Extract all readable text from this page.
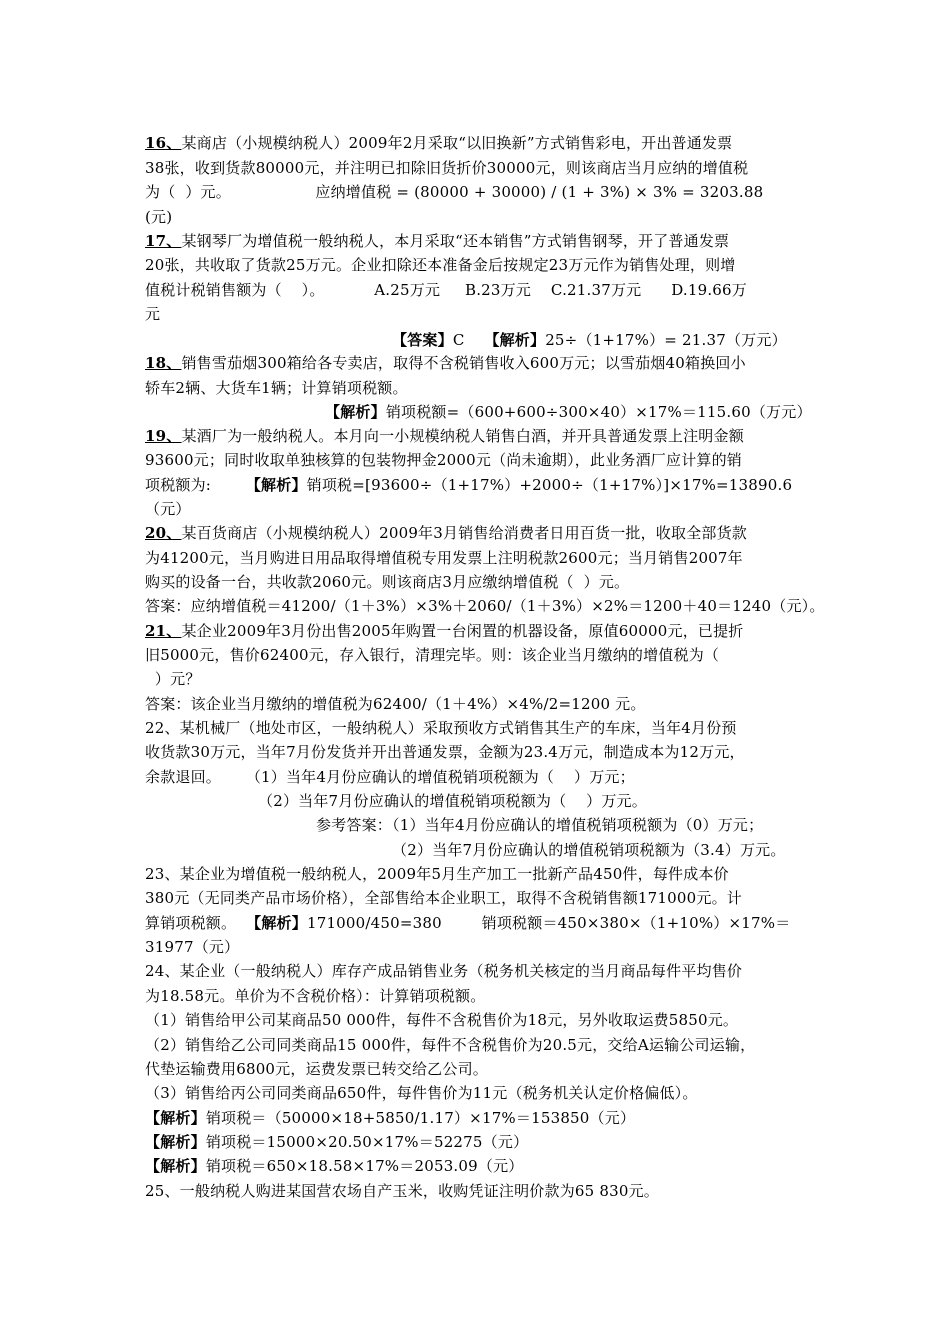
16、某商店（小规模纳税人）2009年2月采取“以旧换新”方式销售彩电，开出普通发票
38张，收到货款80000元，并注明已扣除旧货折价30000元，则该商店当月应纳的增值税
为（  ）元。                 应纳增值税 = (80000 + 30000) / (1 + 3%) × 3% = 3203.88
(元)
17、某钢琴厂为增值税一般纳税人，本月采取“还本销售”方式销售钢琴，开了普通发票
20张，共收取了货款25万元。企业扣除还本准备金后按规定23万元作为销售处理，则增
值税计税销售额为（    ）。          A.25万元     B.23万元    C.21.37万元      D.19.66万
元
【答案】C    【解析】25÷（1+17%）= 21.37（万元）
18、销售雪茄烟300箱给各专卖店，取得不含税销售收入600万元；以雪茄烟40箱换回小
轿车2辆、大货车1辆；计算销项税额。
【解析】销项税额=（600+600÷300×40）×17%＝115.60（万元）
19、某酒厂为一般纳税人。本月向一小规模纳税人销售白酒，并开具普通发票上注明金额
93600元；同时收取单独核算的包装物押金2000元（尚未逾期），此业务酒厂应计算的销
项税额为:       【解析】销项税=[93600÷（1+17%）+2000÷（1+17%）]×17%=13890.6
（元）
20、某百货商店（小规模纳税人）2009年3月销售给消费者日用百货一批，收取全部货款
为41200元，当月购进日用品取得增值税专用发票上注明税款2600元；当月销售2007年
购买的设备一台，共收款2060元。则该商店3月应缴纳增值税（  ）元。
答案：应纳增值税＝41200/（1＋3%）×3%＋2060/（1＋3%）×2%＝1200＋40＝1240（元）。
21、某企业2009年3月份出售2005年购置一台闲置的机器设备，原值60000元，已提折
旧5000元，售价62400元，存入银行，清理完毕。则：该企业当月缴纳的增值税为（
）元？
答案：该企业当月缴纳的增值税为62400/（1＋4%）×4%/2=1200 元。
22、某机械厂（地处市区，一般纳税人）采取预收方式销售其生产的车床，当年4月份预
收货款30万元，当年7月份发货并开出普通发票，金额为23.4万元，制造成本为12万元，
余款退回。     （1）当年4月份应确认的增值税销项税额为（    ）万元；
（2）当年7月份应确认的增值税销项税额为（    ）万元。
参考答案：（1）当年4月份应确认的增值税销项税额为（0）万元；
（2）当年7月份应确认的增值税销项税额为（3.4）万元。
23、某企业为增值税一般纳税人，2009年5月生产加工一批新产品450件，每件成本价
380元（无同类产品市场价格），全部售给本企业职工，取得不含税销售额171000元。计
算销项税额。  【解析】171000/450=380        销项税额＝450×380×（1+10%）×17%＝
31977（元）
24、某企业（一般纳税人）库存产成品销售业务（税务机关核定的当月商品每件平均售价
为18.58元。单价为不含税价格）：计算销项税额。
（1）销售给甲公司某商品50 000件，每件不含税售价为18元，另外收取运费5850元。
（2）销售给乙公司同类商品15 000件，每件不含税售价为20.5元，交给A运输公司运输，
代垫运输费用6800元，运费发票已转交给乙公司。
（3）销售给丙公司同类商品650件，每件售价为11元（税务机关认定价格偏低）。
【解析】销项税＝（50000×18+5850/1.17）×17%＝153850（元）
【解析】销项税＝15000×20.50×17%＝52275（元）
【解析】销项税＝650×18.58×17%＝2053.09（元）
25、一般纳税人购进某国营农场自产玉米，收购凭证注明价款为65 830元。
